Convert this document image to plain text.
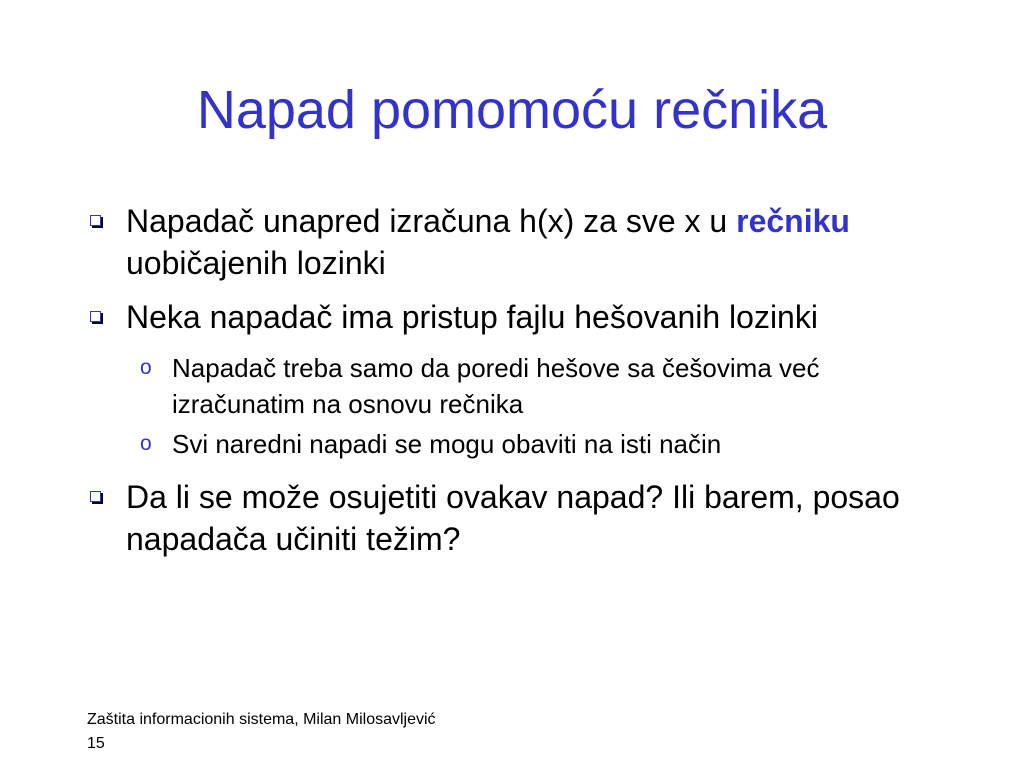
Napad pomomoću rečnika
Napadač unapred izračuna h(x) za sve x u rečniku uobičajenih lozinki
Neka napadač ima pristup fajlu hešovanih lozinki
o Napadač treba samo da poredi hešove sa češovima već izračunatim na osnovu rečnika
o Svi naredni napadi se mogu obaviti na isti način
Da li se može osujetiti ovakav napad? Ili barem, posao napadača učiniti težim?
Zaštita informacionih sistema, Milan Milosavljević
15
